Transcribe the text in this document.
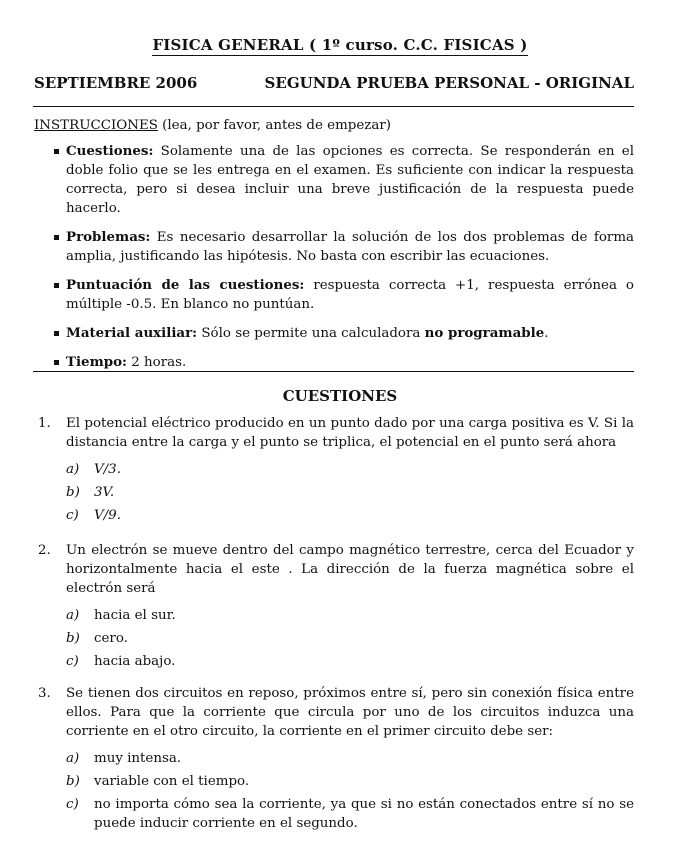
FISICA GENERAL ( 1º curso. C.C. FISICAS )
SEPTIEMBRE 2006	SEGUNDA PRUEBA PERSONAL - ORIGINAL
INSTRUCCIONES (lea, por favor, antes de empezar)
Cuestiones: Solamente una de las opciones es correcta. Se responderán en el doble folio que se les entrega en el examen. Es suficiente con indicar la respuesta correcta, pero si desea incluir una breve justificación de la respuesta puede hacerlo.
Problemas: Es necesario desarrollar la solución de los dos problemas de forma amplia, justificando las hipótesis. No basta con escribir las ecuaciones.
Puntuación de las cuestiones: respuesta correcta +1, respuesta errónea o múltiple -0.5. En blanco no puntúan.
Material auxiliar: Sólo se permite una calculadora no programable.
Tiempo: 2 horas.
CUESTIONES
1. El potencial eléctrico producido en un punto dado por una carga positiva es V. Si la distancia entre la carga y el punto se triplica, el potencial en el punto será ahora
a) V/3.
b) 3V.
c) V/9.
2. Un electrón se mueve dentro del campo magnético terrestre, cerca del Ecuador y horizontalmente hacia el este . La dirección de la fuerza magnética sobre el electrón será
a) hacia el sur.
b) cero.
c) hacia abajo.
3. Se tienen dos circuitos en reposo, próximos entre sí, pero sin conexión física entre ellos. Para que la corriente que circula por uno de los circuitos induzca una corriente en el otro circuito, la corriente en el primer circuito debe ser:
a) muy intensa.
b) variable con el tiempo.
c) no importa cómo sea la corriente, ya que si no están conectados entre sí no se puede inducir corriente en el segundo.
